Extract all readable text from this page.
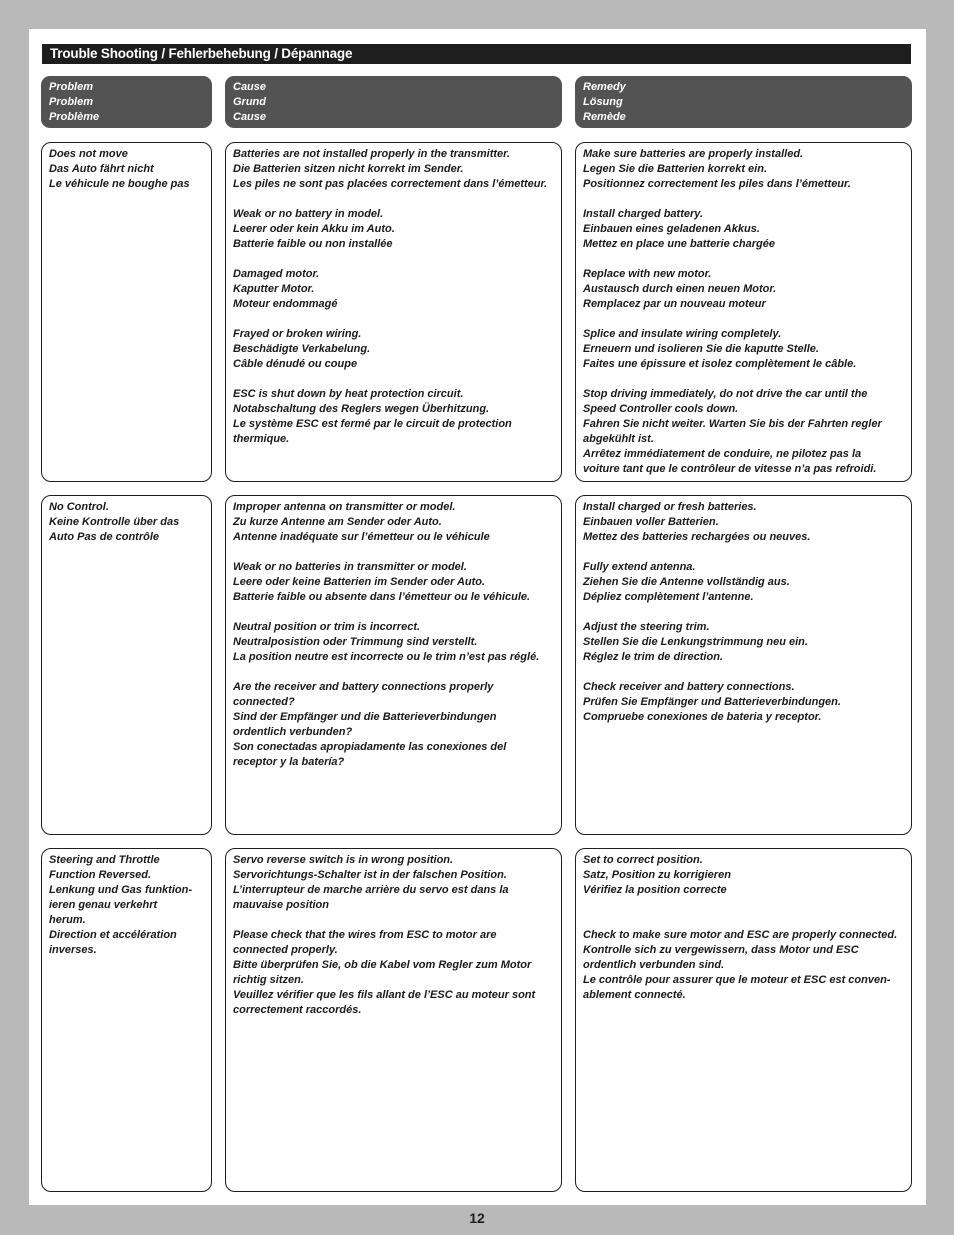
Trouble Shooting / Fehlerbehebung / Dépannage
Problem
Problem
Problème
Cause
Grund
Cause
Remedy
Lösung
Remède
Does not move
Das Auto fährt nicht
Le véhicule ne boughe pas
Batteries are not installed properly in the transmitter.
Die Batterien sitzen nicht korrekt im Sender.
Les piles ne sont pas placées correctement dans l’émetteur.
Weak or no battery in model.
Leerer oder kein Akku im Auto.
Batterie faible ou non installée
Damaged motor.
Kaputter Motor.
Moteur endommagé
Frayed or broken wiring.
Beschädigte Verkabelung.
Câble dénudé ou coupe
ESC is shut down by heat protection circuit.
Notabschaltung des Reglers wegen Überhitzung.
Le système ESC est fermé par le circuit de protection
thermique.
Make sure batteries are properly installed.
Legen Sie die Batterien korrekt ein.
Positionnez correctement les piles dans l’émetteur.
Install charged battery.
Einbauen eines geladenen Akkus.
Mettez en place une batterie chargée
Replace with new motor.
Austausch durch einen neuen Motor.
Remplacez par un nouveau moteur
Splice and insulate wiring completely.
Erneuern und isolieren Sie die kaputte Stelle.
Faites une épissure et isolez complètement le câble.
Stop driving immediately, do not drive the car until the
Speed Controller cools down.
Fahren Sie nicht weiter. Warten Sie bis der Fahrten regler
abgekühlt ist.
Arrêtez immédiatement de conduire, ne pilotez pas la
voiture tant que le contrôleur de vitesse n’a pas refroidi.
No Control.
Keine Kontrolle über das
Auto Pas de contrôle
Improper antenna on transmitter or model.
Zu kurze Antenne am Sender oder Auto.
Antenne inadéquate sur l’émetteur ou le véhicule
Weak or no batteries in transmitter or model.
Leere oder keine Batterien im Sender oder Auto.
Batterie faible ou absente dans l’émetteur ou le véhicule.
Neutral position or trim is incorrect.
Neutralposistion oder Trimmung sind verstellt.
La position neutre est incorrecte ou le trim n’est pas réglé.
Are the receiver and battery connections properly connected?
Sind der Empfänger und die Batterieverbindungen
ordentlich verbunden?
Son conectadas apropiadamente las conexiones del
receptor y la batería?
Install charged or fresh batteries.
Einbauen voller Batterien.
Mettez des batteries rechargées ou neuves.
Fully extend antenna.
Ziehen Sie die Antenne vollständig aus.
Dépliez complètement l’antenne.
Adjust the steering trim.
Stellen Sie die Lenkungstrimmung neu ein.
Réglez le trim de direction.
Check receiver and battery connections.
Prüfen Sie Empfänger und Batterieverbindungen.
Compruebe conexiones de bateria y receptor.
Steering and Throttle
Function Reversed.
Lenkung und Gas funktion-
ieren genau verkehrt
herum.
Direction et accélération
inverses.
Servo reverse switch is in wrong position.
Servorichtungs-Schalter ist in der falschen Position.
L’interrupteur de marche arrière du servo est dans la
mauvaise position
Please check that the wires from ESC to motor are
connected properly.
Bitte überprüfen Sie, ob die Kabel vom Regler zum Motor
richtig sitzen.
Veuillez vérifier que les fils allant de l’ESC au moteur sont
correctement raccordés.
Set to correct position.
Satz, Position zu korrigieren
Vérifiez la position correcte

Check to make sure motor and ESC are properly connected.
Kontrolle sich zu vergewissern, dass Motor und ESC
ordentlich verbunden sind.
Le contrôle pour assurer que le moteur et ESC est conven-
ablement connecté.
12
